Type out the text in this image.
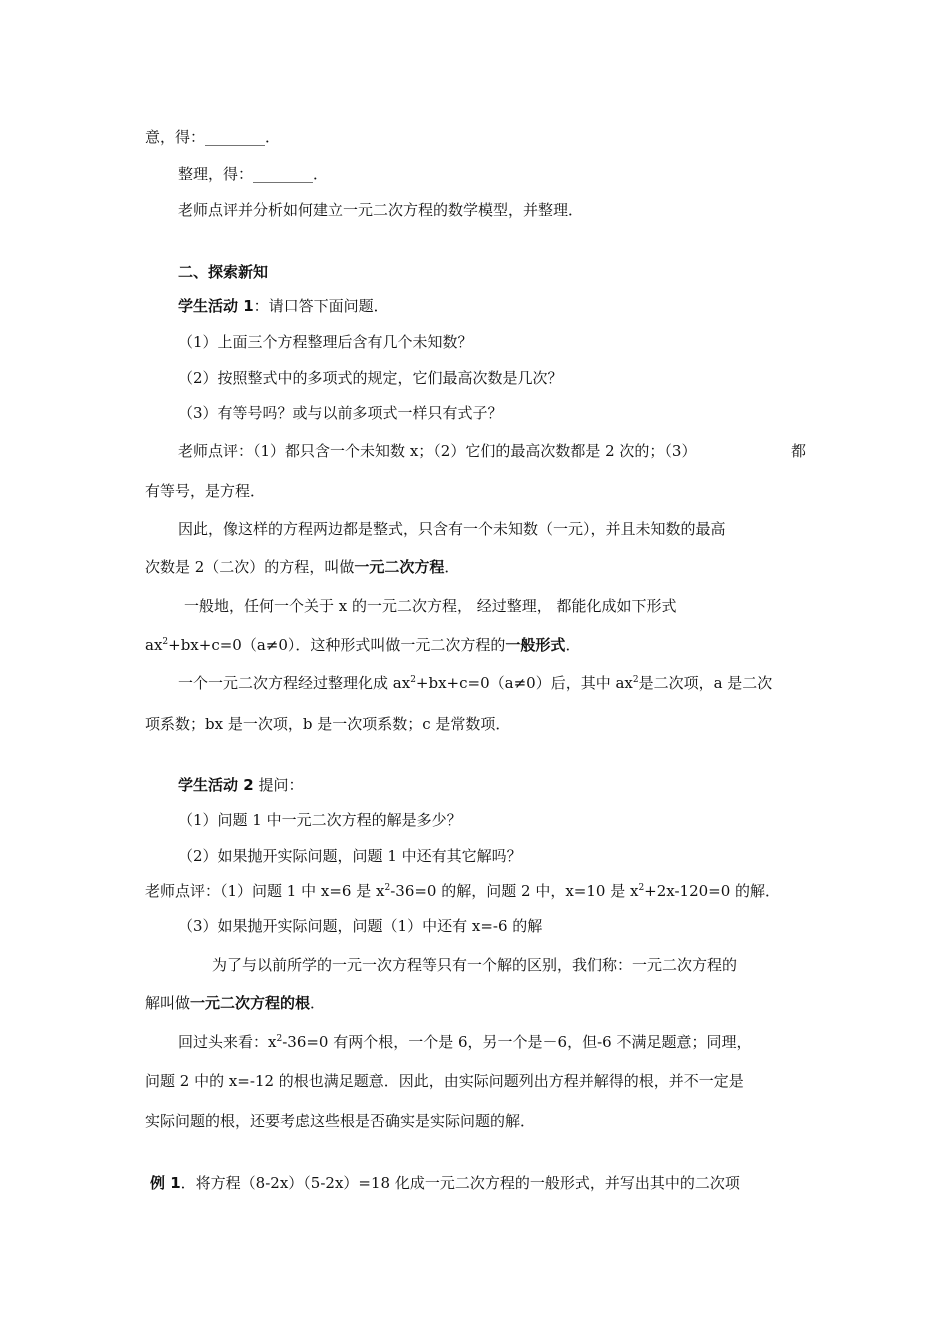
意，得：________．
整理，得：________．
老师点评并分析如何建立一元二次方程的数学模型，并整理．
二、探索新知
学生活动 1：请口答下面问题．
（1）上面三个方程整理后含有几个未知数？
（2）按照整式中的多项式的规定，它们最高次数是几次？
（3）有等号吗？或与以前多项式一样只有式子？
老师点评：（1）都只含一个未知数 x；（2）它们的最高次数都是 2 次的；（3）	都
有等号，是方程．
因此，像这样的方程两边都是整式，只含有一个未知数（一元），并且未知数的最高
次数是 2（二次）的方程，叫做一元二次方程．
一般地，任何一个关于 x 的一元二次方程， 经过整理， 都能化成如下形式
$ax^2+bx+c=0(a\ne 0)$．这种形式叫做一元二次方程的一般形式．
一个一元二次方程经过整理化成 $ax^2+bx+c=0(a\ne 0)$后，其中 $ax^2$是二次项，a 是二次
项系数；bx 是一次项，b 是一次项系数；c 是常数项．
学生活动 2 提问：
（1）问题 1 中一元二次方程的解是多少？
（2）如果抛开实际问题，问题 1 中还有其它解吗？
老师点评：（1）问题 1 中 x=6 是 $x^2-36=0$ 的解，问题 2 中，x=10 是 $x^2+2x-120=0$ 的解．
（3）如果抛开实际问题，问题（1）中还有 x=-6 的解
为了与以前所学的一元一次方程等只有一个解的区别，我们称：一元二次方程的
解叫做一元二次方程的根．
回过头来看：$x^2-36=0$ 有两个根，一个是 6，另一个是－6，但-6 不满足题意；同理，
问题 2 中的 x=-12 的根也满足题意．因此，由实际问题列出方程并解得的根，并不一定是
实际问题的根，还要考虑这些根是否确实是实际问题的解．
例 1．将方程（8-2x）（5-2x）=18 化成一元二次方程的一般形式，并写出其中的二次项
